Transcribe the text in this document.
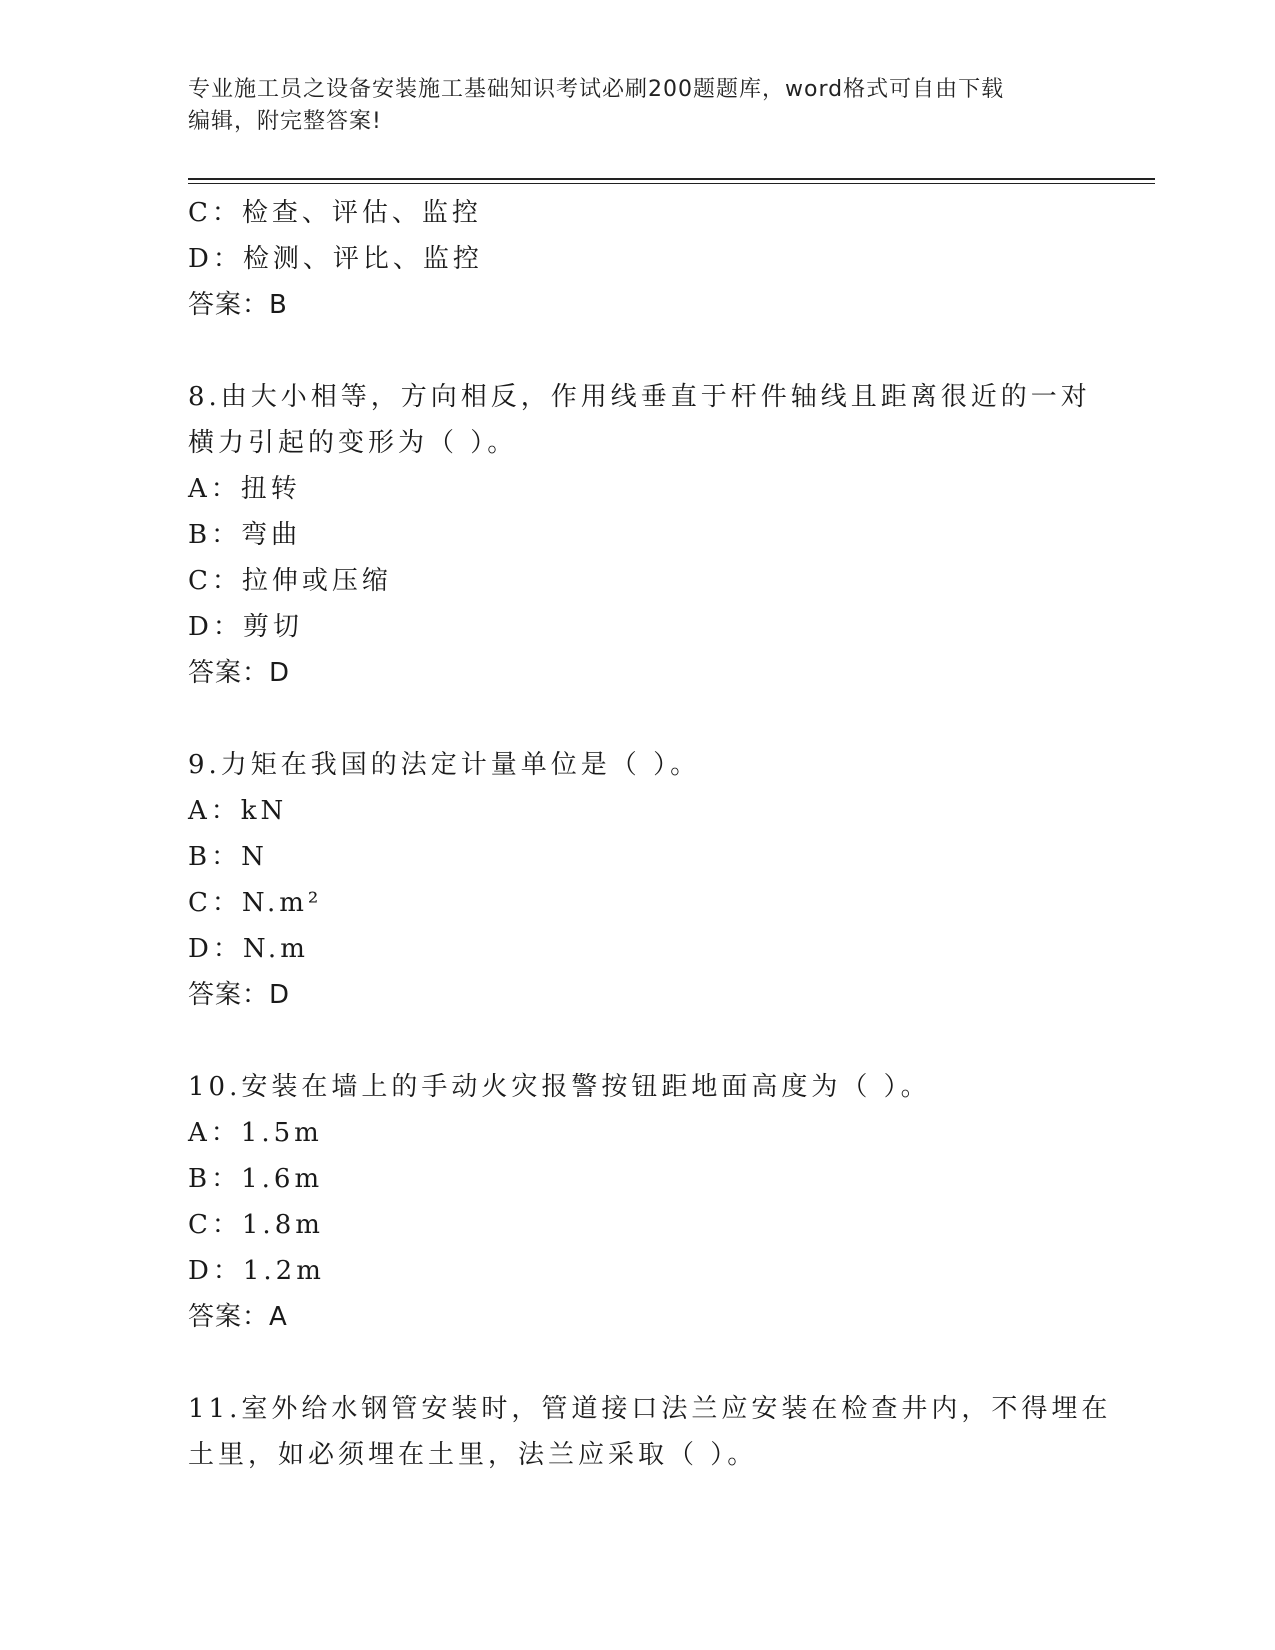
专业施工员之设备安装施工基础知识考试必刷200题题库，word格式可自由下载
编辑，附完整答案!
C：检查、评估、监控
D：检测、评比、监控
答案：B
8.由大小相等，方向相反，作用线垂直于杆件轴线且距离很近的一对
横力引起的变形为（ ）。
A：扭转
B：弯曲
C：拉伸或压缩
D：剪切
答案：D
9.力矩在我国的法定计量单位是（ ）。
A：kN
B：N
C：N.m²
D：N.m
答案：D
10.安装在墙上的手动火灾报警按钮距地面高度为（ ）。
A：1.5m
B：1.6m
C：1.8m
D：1.2m
答案：A
11.室外给水钢管安装时，管道接口法兰应安装在检查井内，不得埋在
土里，如必须埋在土里，法兰应采取（ ）。
